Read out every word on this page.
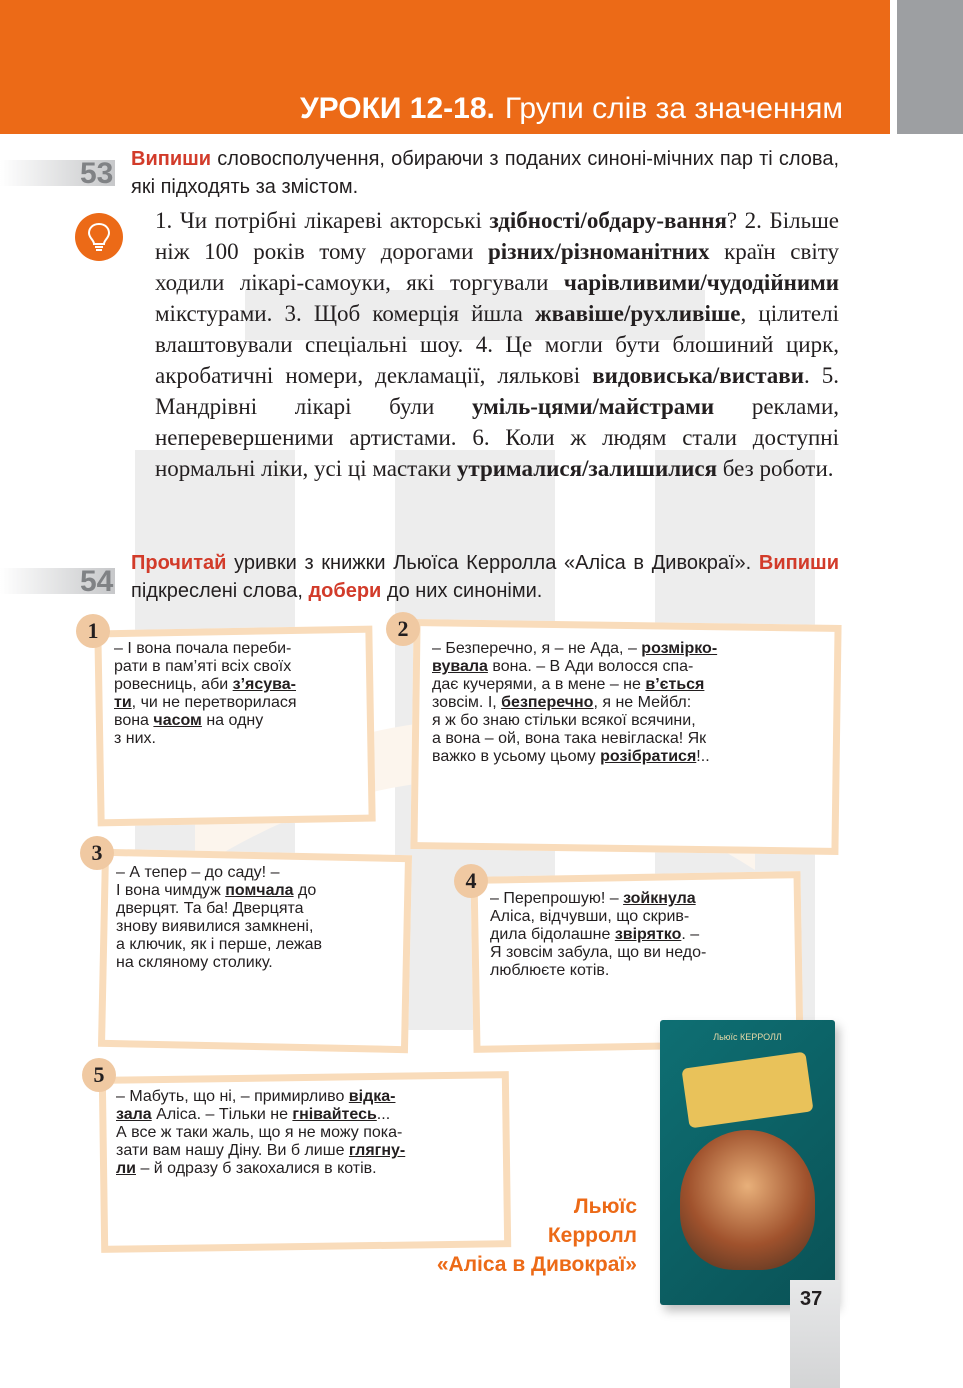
УРОКИ 12-18. Групи слів за значенням
53 Випиши словосполучення, обираючи з поданих синоні-мічних пар ті слова, які підходять за змістом.
1. Чи потрібні лікареві акторські здібності/обдару-вання? 2. Більше ніж 100 років тому дорогами різних/різноманітних країн світу ходили лікарі-самоуки, які торгували чарівливими/чудодійними мікстурами. 3. Щоб комерція йшла жвавіше/рухливіше, цілителі влаштовували спеціальні шоу. 4. Це могли бути блошиний цирк, акробатичні номери, декламації, лялькові видовиська/вистави. 5. Мандрівні лікарі були уміль-цями/майстрами реклами, неперевершеними артистами. 6. Коли ж людям стали доступні нормальні ліки, усі ці мастаки утрималися/залишилися без роботи.
54
Прочитай уривки з книжки Льюїса Керролла «Аліса в Дивокраї». Випиши підкреслені слова, добери до них синоніми.
– І вона почала переби-
рати в пам’яті всіх своїх
ровесниць, аби з’ясува-
ти, чи не перетворилася
вона часом на одну
з них.
1
– Безперечно, я – не Ада, – розмірко-
вувала вона. – В Ади волосся спа-
дає кучерями, а в мене – не в’ється
зовсім. І, безперечно, я не Мейбл:
я ж бо знаю стільки всякої всячини,
а вона – ой, вона така невігласка! Як
важко в усьому цьому розібратися!..
2
– А тепер – до саду! –
І вона чимдуж помчала до
дверцят. Та ба! Дверцята
знову виявилися замкнені,
а ключик, як і перше, лежав
на скляному столику.
3
– Перепрошую! – зойкнула
Аліса, відчувши, що скрив-
дила бідолашне звірятко. –
Я зовсім забула, що ви недо-
люблюєте котів.
4
– Мабуть, що ні, – примирливо відка-
зала Аліса. – Тільки не гнівайтесь...
А все ж таки жаль, що я не можу пока-
зати вам нашу Діну. Ви б лише глягну-
ли – й одразу б закохалися в котів.
5
Льюїс КЕРРОЛЛ
Льюїс
Керролл
«Аліса в Дивокраї»
37
